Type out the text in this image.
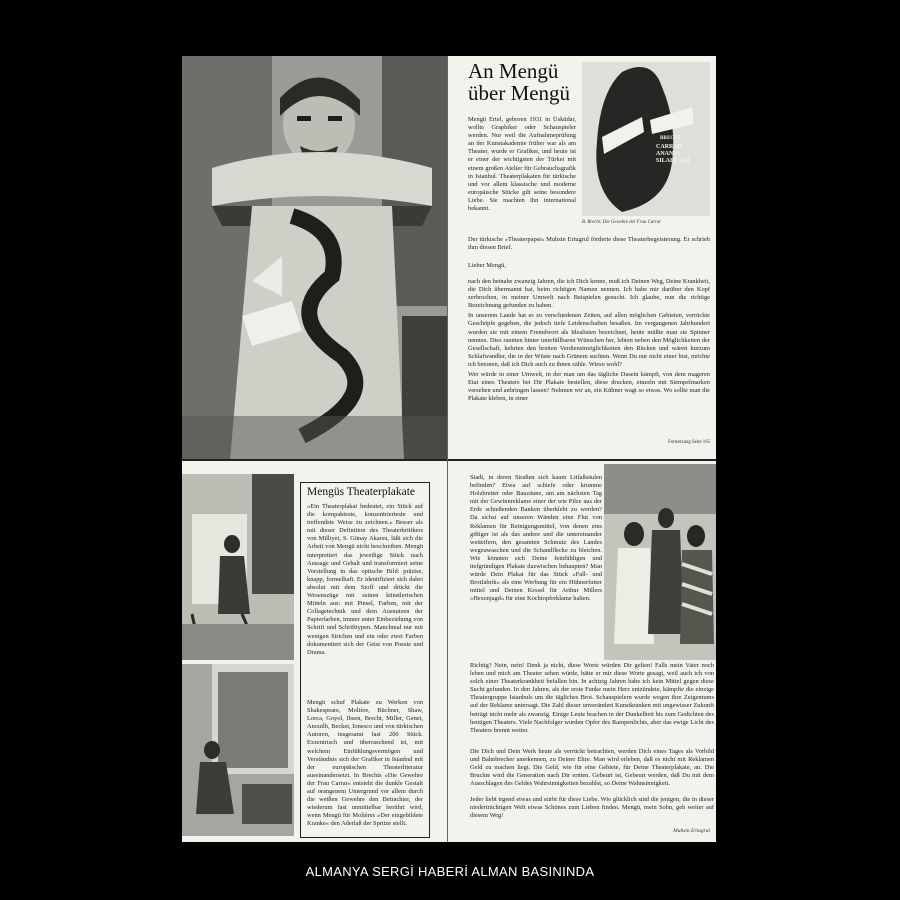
An Mengü
über Mengü
BRECHT
CARRAR
ANANIN
SILAHLARI
B. Brecht: Die Gewehre der Frau Carrar

Mengü Ertel, geboren 1931 in Üsküdar, wollte Graphiker oder Schauspieler werden. Nur weil die Aufnahmeprüfung an der Kunstakademie früher war als am Theater, wurde er Grafiker, und heute ist er einer der wichtigsten der Türkei mit einem großen Atelier für Gebrauchsgrafik in Istanbul. Theaterplakaten für türkische und vor allem klassische und moderne europäische Stücke gilt seine besondere Liebe. Sie machten ihn international bekannt.

Der türkische »Theaterpapst« Muhsin Ertugrul förderte diese Theaterbegeisterung. Er schrieb ihm diesen Brief.

Lieber Mengü,

nach den beinahe zwanzig Jahren, die ich Dich kenne, muß ich Deinen Weg, Deine Krankheit, die Dich übermannt hat, beim richtigen Namen nennen. Ich habe mir darüber den Kopf zerbrochen, in meiner Umwelt nach Beispielen gesucht. Ich glaube, nun die richtige Bezeichnung gefunden zu haben.

In unserem Lande hat es zu verschiedenen Zeiten, auf allen möglichen Gebieten, verrückte Geschöpfe gegeben, die jedoch tiefe Leidenschaften besaßen. Im vergangenen Jahrhundert wurden sie mit einem Fremdwort als Idealisten bezeichnet, heute müßte man sie Spinner nennen. Dies rannten hinter unerfüllbaren Wünschen her, lebten neben den Möglichkeiten der Gesellschaft, kehrten den breiten Verdienstmöglichkeiten den Rücken und wären kurzum Schlafwandler, die in der Wüste nach Grünem suchten. Wenn Du nur nicht einer bist, möchte ich betonen, daß ich Dich auch zu ihnen zähle. Wieso wohl?

Wer würde in einer Umwelt, in der man um das tägliche Dasein kämpft, von dem mageren Etat eines Theaters bei Dir Plakate bestellen, diese drucken, einzeln mit Stempelmarken versehen und anbringen lassen? Nehmen wir an, ein Kühner wagt so etwas. Wo sollte man die Plakate kleben, in einer

Fortsetzung Seite 165
Mengüs Theaterplakate

»Ein Theaterplakat bedeutet, ein Stück auf die kompakteste, konzentrierteste und treffendste Weise zu zeichnen.« Besser als mit dieser Definition des Theaterkritikers von Milliyet, S. Günay Akarsu, läßt sich die Arbeit von Mengü nicht beschreiben. Mengü interpretiert das jeweilige Stück nach Aussage und Gehalt und transformiert seine Vorstellung in das optische Bild: präzise, knapp, formelhaft. Er identifiziert sich dabei absolut mit dem Stoff und drückt die Wesenszüge mit seinen künstlerischen Mitteln aus: mit Pinsel, Farben, mit der Collagetechnik und dem Ausnutzen der Papierfarben, immer unter Einbeziehung von Schrift und Schrifttypen. Manchmal nur mit wenigen Strichen und ein oder zwei Farben dokumentiert sich der Geist von Poesie und Drama.

Mengü schuf Plakate zu Werken von Shakespeare, Molière, Büchner, Shaw, Lorca, Goyol, Ibsen, Brecht, Miller, Genet, Anouilh, Becket, Ionesco und von türkischen Autoren, insgesamt fast 200 Stück. Exzentrisch und überraschend ist, mit welchem Einfühlungsvermögen und Verständnis sich der Grafiker in Istanbul mit der europäischen Theaterliteratur auseinandersetzt. In Brechts »Die Gewehre der Frau Carrar« entsteht die dunkle Gestalt auf orangenem Untergrund vor allem durch die weißen Gewehre den Betrachter, der wiederum fast unmittelbar berührt wird, wenn Mengü für Molières »Der eingebildete Kranke« den Aderlaß der Spritze stellt.

Stadt, in deren Straßen sich kaum Litfaßsäulen befinden? Etwa auf schiefe oder krumme Holzbretter oder Bauzäune, um am nächsten Tag mit der Gewinnreklame einer der wie Pilze aus der Erde schießenden Banken überklebt zu werden? Da sichst auf unseren Wänden eine Flut von Reklamen für Reinigungsmittel, von denen eins giftiger ist als das andere und die untereinander wetteifern, den gesamten Schmutz des Landes wegzuwaschen und die Schandflecke zu bleichen. Wie könnten sich Deine feinfühligen und tiefgründigen Plakate dazwischen behaupten? Man würde Dein Plakat für das Stück »Fall- und Brotfabrik« als eine Werbung für ein Hühnerfutter mittel und Deinen Kessel für Arthur Millers »Hexenjagd« für eine Kochtopfreklame halten.

Richtig? Nein, nein! Denk ja nicht, diese Worte würden Dir gelten! Falls mein Vater noch leben und mich am Theater sehen würde, hätte er mir diese Worte gesagt, weil auch ich von solch einer Theaterkrankheit befallen bin. In achtzig Jahren habe ich kein Mittel gegen diese Sucht gefunden. In den Jahren, als der erste Funke mein Herz entzündete, kämpfte die einzige Theatergruppe Istanbuls um die tägliches Brot. Schauspielern wurde wegen ihre Zeigentums auf der Reklame untersagt. Die Zahl dieser unverändert Kunstkranken mit ungewisser Zukunft beträgt nicht mehr als zwanzig. Einige Leute brachen in der Dunkelheit bis zum Gedichten des heutigen Theaters. Viele Nachfolger wurden Opfer des Rampenlichts, aber das ewige Licht des Theaters brennt weiter.

Die Dich und Dein Werk heute als verrückt betrachten, werden Dich eines Tages als Vorbild und Bahnbrecher anerkennen, zu Deiner Ehre. Man wird erleben, daß es nicht mit Reklamen Geld zu machen liegt. Die Geld, wie für eine Gebiete, für Deine Theaterplakate, an. Die Bruchte wird die Generation nach Dir ernten. Gebeurt ist, Gebeurt werden, daß Du mit dem Ausschlagen des Geldes Wahrsinnigkeiten bezahlst, so Deine Wahnsinnigkeit.

Jeder liebt irgend etwas und stirbt für diese Liebe. Wie glücklich sind die jenigen, die in dieser niederträchtigen Welt etwas Schönes zum Lieben finden. Mengü, mein Sohn, geh weiter auf diesem Weg!

Muhsin Ertugrul
ALMANYA SERGİ HABERİ ALMAN BASININDA
